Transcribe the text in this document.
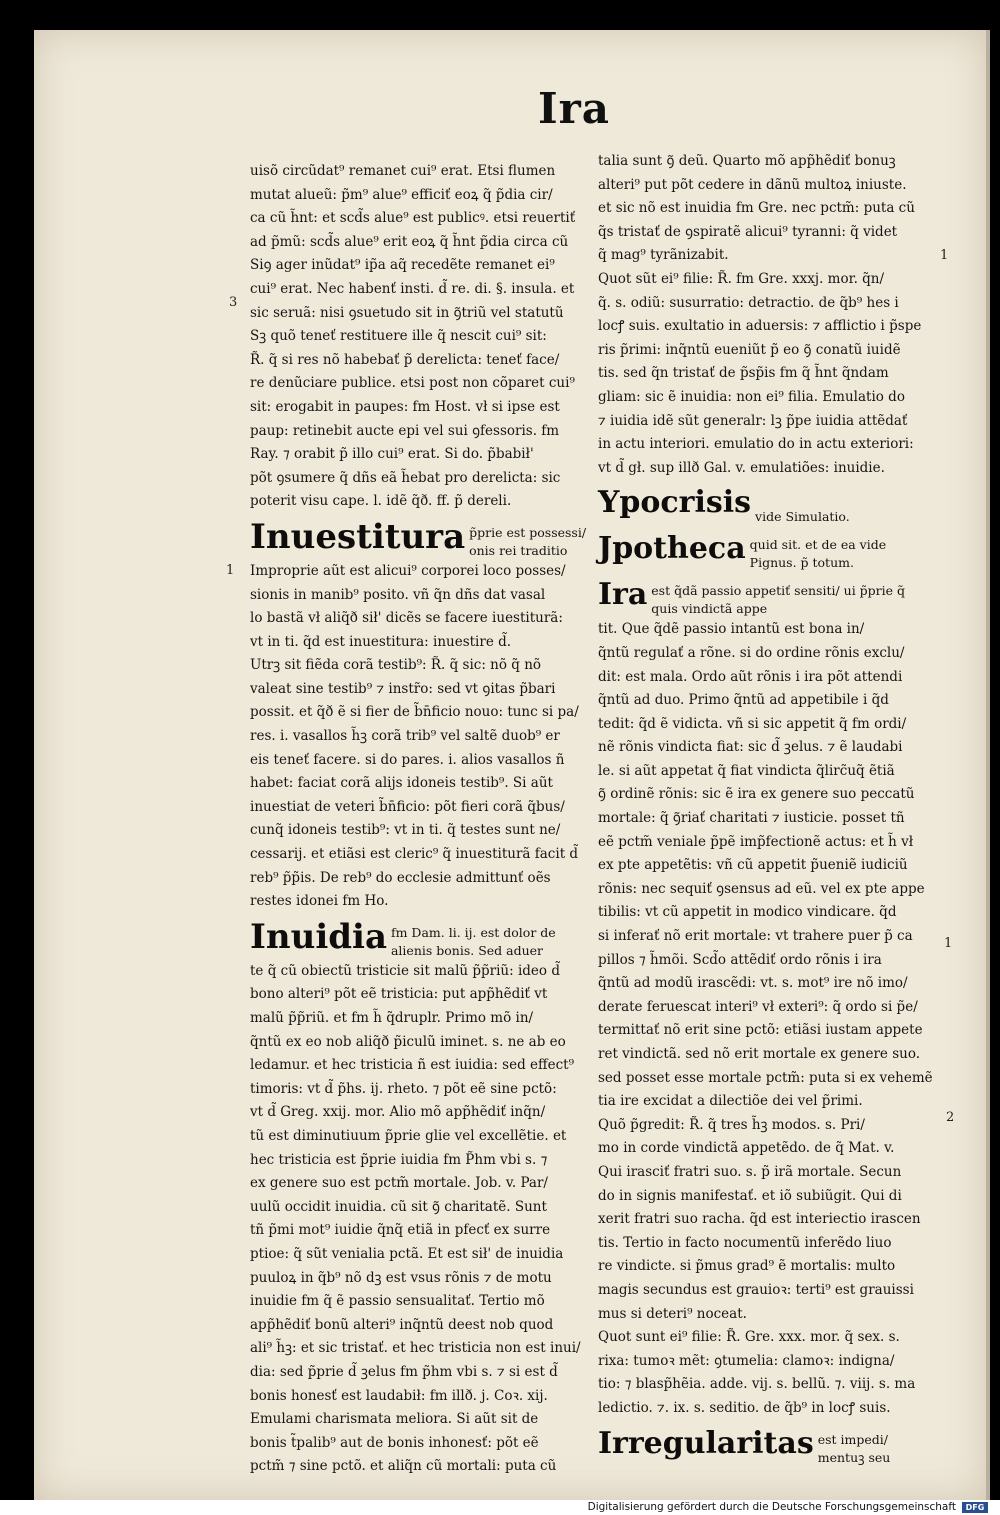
Ira
3
1
1
1
2
uisõ circũdat⁹ remanet cui⁹ erat. Etsi flumen
mutat alueũ: p̃m⁹ alue⁹ efficiť eoꝝ q̃ p̃dia cir/
ca cũ h̃nt: et scd̃s alue⁹ est publicꝰ. etsi reuertiť
ad p̃mũ: scd̃s alue⁹ erit eoꝝ q̃ h̃nt p̃dia circa cũ
Siꝯ ager inũdat⁹ ip̃a aq̃ recedẽte remanet ei⁹
cui⁹ erat. Nec habenť insti. d̃ re. di. §. insula. et
sic seruã: nisi ꝯsuetudo sit in ꝯ̃triũ vel statutũ
Sꝫ quõ teneť restituere ille q̃ nescit cui⁹ sit:
R̃. q̃ si res nõ habebať p̃ derelicta: teneť face/
re denũciare publice. etsi post non cõparet cui⁹
sit: erogabit in paupes: fm Host. vł si ipse est
paup: retinebit aucte epi vel sui ꝯfessoris. fm
Ray. ⁊ orabit p̃ illo cui⁹ erat. Si do. p̃babił'
põt ꝯsumere q̃ dñs eã h̃ebat pro derelicta: sic
poterit visu cape. l. idẽ q̃ð. ff. p̃ dereli.
Inuestitura p̃prie est possessi/ onis rei traditio
Improprie aũt est alicui⁹ corporei loco posses/
sionis in manib⁹ posito. vñ q̃n dñs dat vasal
lo bastã vł aliq̃ð sił' dicẽs se facere iuestiturã:
vt in ti. q̃d est inuestitura: inuestire d̃.
Utrꝫ sit fiẽda corã testib⁹: R̃. q̃ sic: nõ q̃ nõ
valeat sine testib⁹ ⁊ instr̃o: sed vt ꝯitas p̃bari
possit. et q̃ð ẽ si fier de b̃n̄ficio nouo: tunc si pa/
res. i. vasallos h̃ꝫ corã trib⁹ vel saltẽ duob⁹ er
eis teneť facere. si do pares. i. alios vasallos ñ
habet: faciat corã alijs idoneis testib⁹. Si aũt
inuestiat de veteri b̃n̄ficio: põt fieri corã q̃bus/
cunq̃ idoneis testib⁹: vt in ti. q̃ testes sunt ne/
cessarij. et etiãsi est cleric⁹ q̃ inuestiturã facit d̃
reb⁹ p̃p̃is. De reb⁹ do ecclesie admittunť oẽs
restes idonei fm Ho.
Inuidia fm Dam. li. ij. est dolor de alienis bonis. Sed aduer
te q̃ cũ obiectũ tristicie sit malũ p̃p̃riũ: ideo d̃
bono alteri⁹ põt eẽ tristicia: put app̃hẽdiť vt
malũ p̃p̃riũ. et fm h̃ q̃druplr. Primo mõ in/
q̃ntũ ex eo nob aliq̃ð p̃iculũ iminet. s. ne ab eo
ledamur. et hec tristicia ñ est iuidia: sed effect⁹
timoris: vt d̃ p̃hs. ij. rheto. ⁊ põt eẽ sine pctõ:
vt d̃ Greg. xxij. mor. Alio mõ app̃hẽdiť inq̃n/
tũ est diminutiuum p̃prie glie vel excellẽtie. et
hec tristicia est p̃prie iuidia fm P̃hm vbi s. ⁊
ex genere suo est pctm̃ mortale. Job. v. Par/
uulũ occidit inuidia. cũ sit ꝯ̃ charitatẽ. Sunt
tñ p̃mi mot⁹ iuidie q̃nq̃ etiã in pfecť ex surre
ptioe: q̃ sũt venialia pctã. Et est sił' de inuidia
puuloꝝ in q̃b⁹ nõ dꝫ est vsus rõnis ⁊ de motu
inuidie fm q̃ ẽ passio sensualitať. Tertio mõ
app̃hẽdiť bonũ alteri⁹ inq̃ntũ deest nob quod
ali⁹ h̃ꝫ: et sic tristať. et hec tristicia non est inui/
dia: sed p̃prie d̃ ꝫelus fm p̃hm vbi s. ⁊ si est d̃
bonis honesť est laudabił: fm illð. j. Coꝛ. xij.
Emulami charismata meliora. Si aũt sit de
bonis t̃palib⁹ aut de bonis inhonesť: põt eẽ
pctm̃ ⁊ sine pctõ. et aliq̃n cũ mortali: puta cũ
talia sunt ꝯ̃ deũ. Quarto mõ app̃hẽdiť bonuꝫ
alteri⁹ put põt cedere in dãnũ multoꝝ iniuste.
et sic nõ est inuidia fm Gre. nec pctm̃: puta cũ
q̃s tristať de ꝯspiratẽ alicui⁹ tyranni: q̃ videt
q̃ mag⁹ tyrãnizabit.
Quot sũt ei⁹ filie: R̃. fm Gre. xxxj. mor. q̃n/
q̃. s. odiũ: susurratio: detractio. de q̃b⁹ hes i
locꝭ suis. exultatio in aduersis: ⁊ afflictio i p̃spe
ris p̃rimi: inq̃ntũ eueniũt p̃ eo ꝯ̃ conatũ iuidẽ
tis. sed q̃n tristať de p̃sp̃is fm q̃ h̃nt q̃ndam
gliam: sic ẽ inuidia: non ei⁹ filia. Emulatio do
⁊ iuidia idẽ sũt generalr: lꝫ p̃pe iuidia attẽdať
in actu interiori. emulatio do in actu exteriori:
vt d̃ gł. sup illð Gal. v. emulatiões: inuidie.
Ypocrisis vide Simulatio.
Jpotheca quid sit. et de ea vide Pignus. p̃ totum.
Ira est q̃dã passio appetiť sensiti/ ui p̃prie q̃ quis vindictã appe
tit. Que q̃dẽ passio intantũ est bona in/
q̃ntũ regulať a rõne. si do ordine rõnis exclu/
dit: est mala. Ordo aũt rõnis i ira põt attendi
q̃ntũ ad duo. Primo q̃ntũ ad appetibile i q̃d
tedit: q̃d ẽ vidicta. vñ si sic appetit q̃ fm ordi/
nẽ rõnis vindicta fiat: sic d̃ ꝫelus. ⁊ ẽ laudabi
le. si aũt appetat q̃ fiat vindicta q̃lirc̃uq̃ ẽtiã
ꝯ̃ ordinẽ rõnis: sic ẽ ira ex genere suo peccatũ
mortale: q̃ ꝯ̃riať charitati ⁊ iusticie. posset tñ
eẽ pctm̃ veniale p̃pẽ imp̃fectionẽ actus: et h̃ vł
ex pte appetẽtis: vñ cũ appetit p̃ueniẽ iudiciũ
rõnis: nec sequiť ꝯsensus ad eũ. vel ex pte appe
tibilis: vt cũ appetit in modico vindicare. q̃d
si inferať nõ erit mortale: vt trahere puer p̃ ca
pillos ⁊ h̃mõi. Scd̃o attẽdiť ordo rõnis i ira
q̃ntũ ad modũ irascẽdi: vt. s. mot⁹ ire nõ imo/
derate feruescat interi⁹ vł exteri⁹: q̃ ordo si p̃e/
termittať nõ erit sine pctõ: etiãsi iustam appete
ret vindictã. sed nõ erit mortale ex genere suo.
sed posset esse mortale pctm̃: puta si ex vehemẽ
tia ire excidat a dilectiõe dei vel p̃rimi.
Quõ p̃gredit: R̃. q̃ tres h̃ꝫ modos. s. Pri/
mo in corde vindictã appetẽdo. de q̃ Mat. v.
Qui irasciť fratri suo. s. p̃ irã mortale. Secun
do in signis manifestať. et iõ subiũgit. Qui di
xerit fratri suo racha. q̃d est interiectio irascen
tis. Tertio in facto nocumentũ inferẽdo liuo
re vindicte. si p̃mus grad⁹ ẽ mortalis: multo
magis secundus est grauioꝛ: terti⁹ est grauissi
mus si deteri⁹ noceat.
Quot sunt ei⁹ filie: R̃. Gre. xxx. mor. q̃ sex. s.
rixa: tumoꝛ mẽt: ꝯtumelia: clamoꝛ: indigna/
tio: ⁊ blasp̃hẽia. adde. vij. s. bellũ. ⁊. viij. s. ma
ledictio. ⁊. ix. s. seditio. de q̃b⁹ in locꝭ suis.
Irregularitas est impedi/ mentuꝫ seu
Digitalisierung gefördert durch die Deutsche Forschungsgemeinschaft	DFG
